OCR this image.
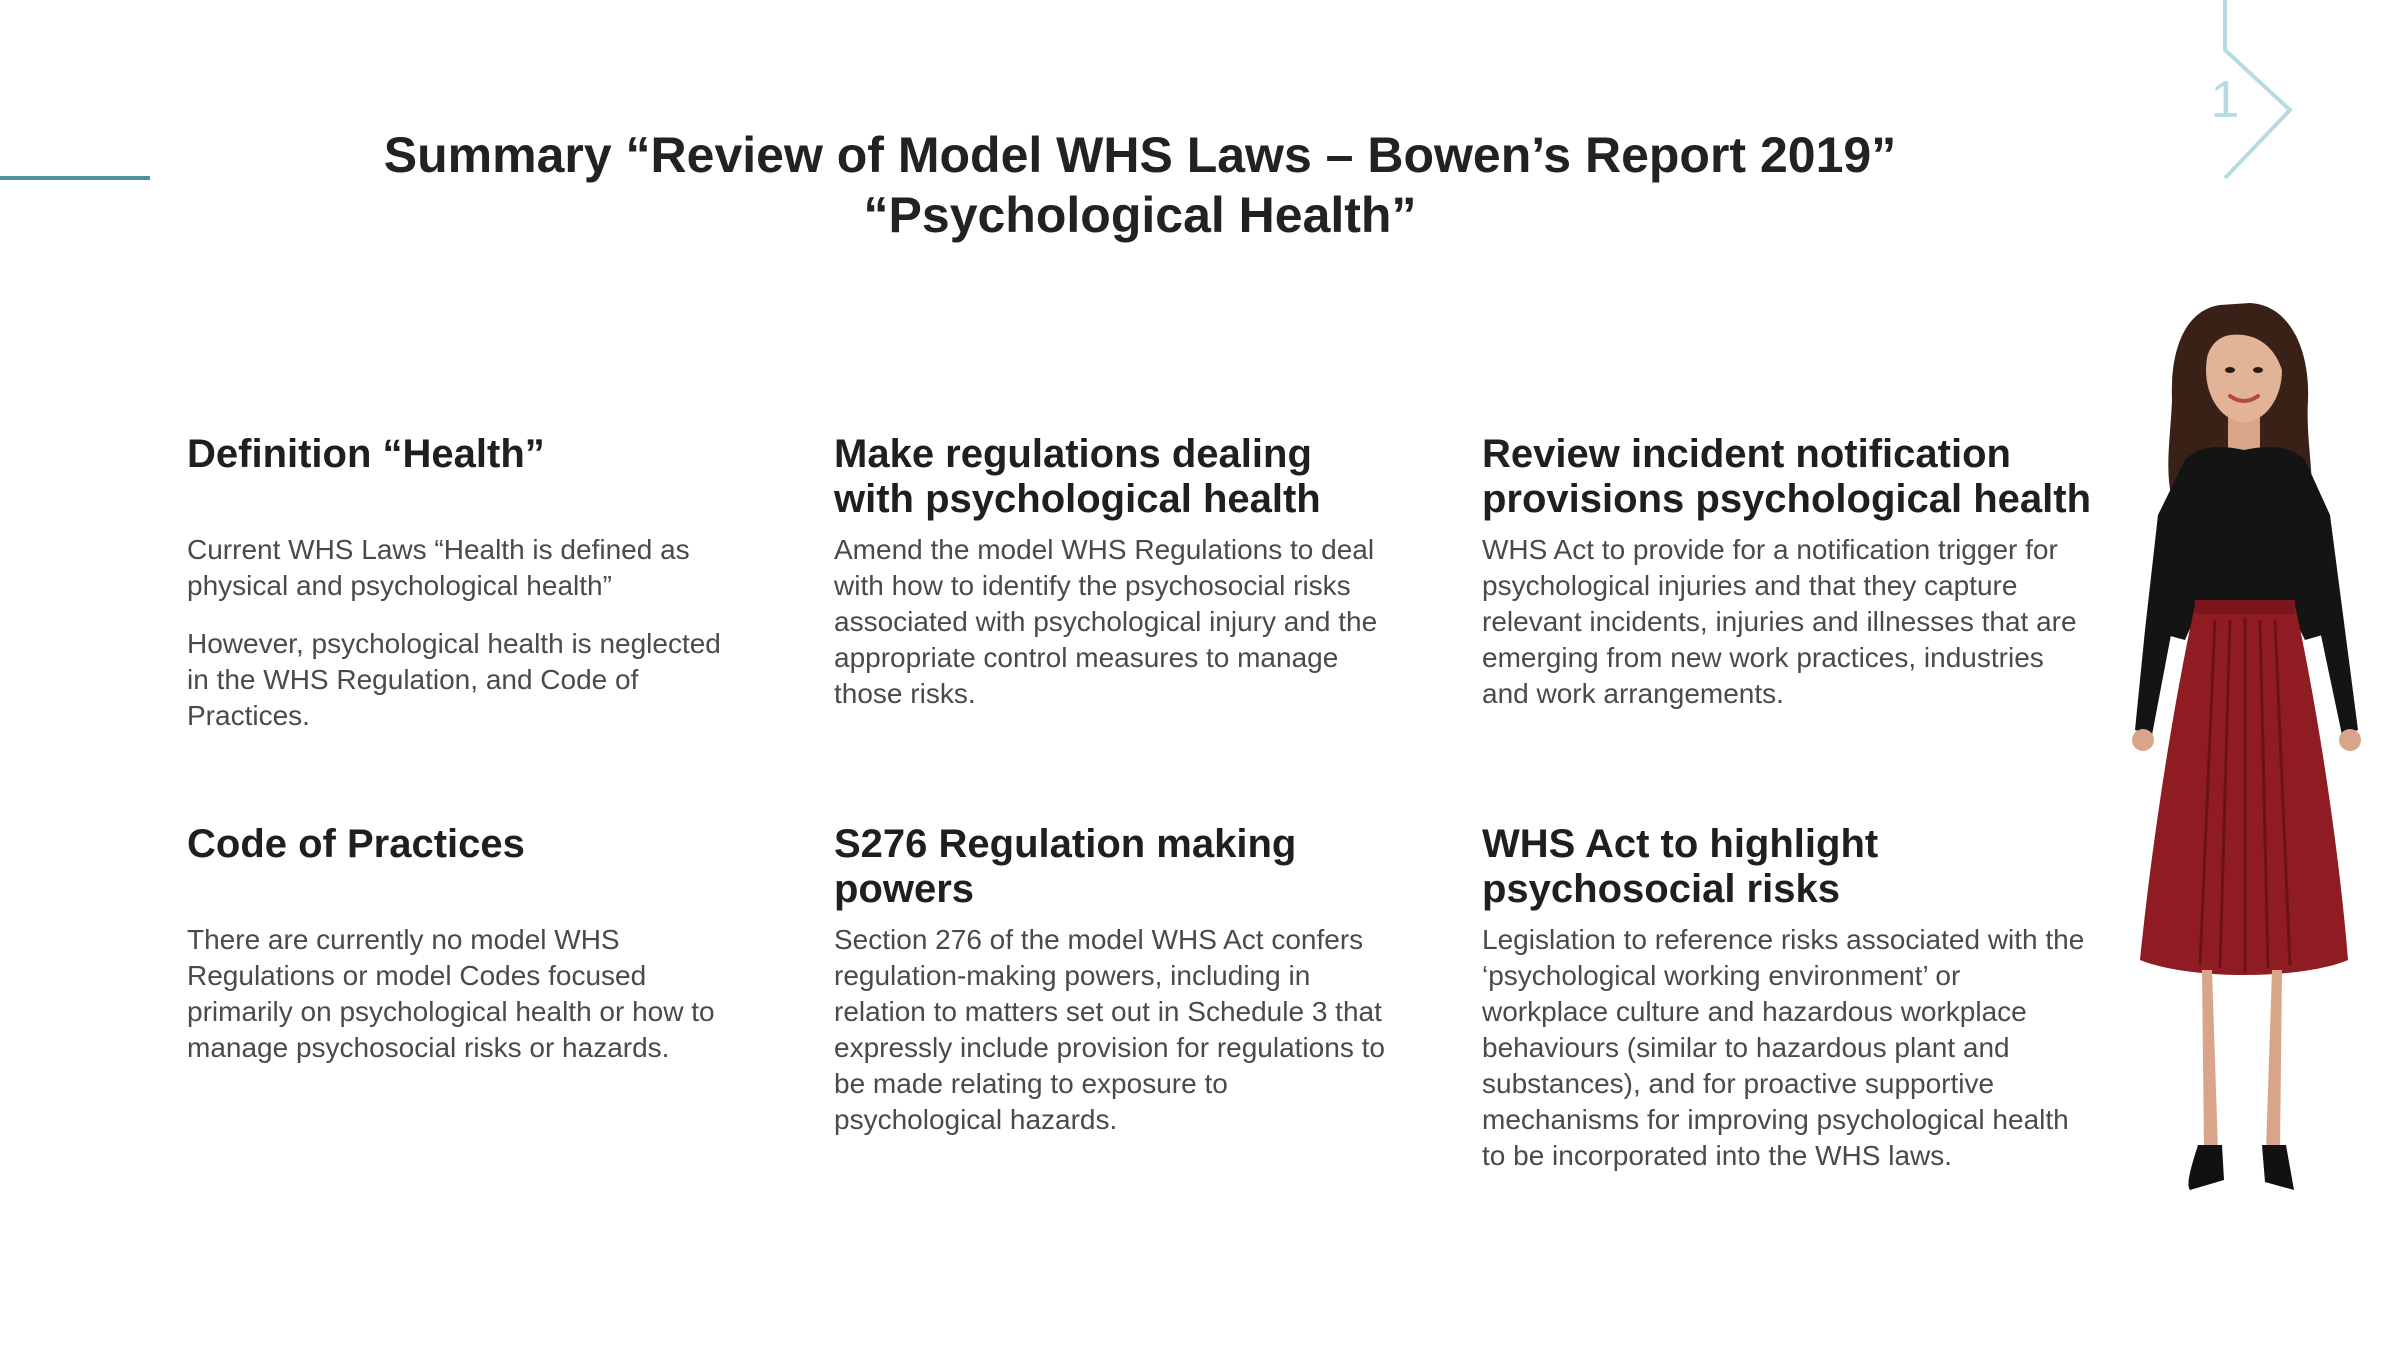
1
Summary “Review of Model WHS Laws – Bowen’s Report 2019”
“Psychological Health”
Definition “Health”

Current WHS Laws “Health is defined as physical and psychological health”

However, psychological health is neglected in the WHS Regulation, and Code of Practices.

Make regulations dealing with psychological health

Amend the model WHS Regulations to deal with how to identify the psychosocial risks associated with psychological injury and the appropriate control measures to manage those risks.

Review incident notification provisions psychological health

WHS Act to provide for a notification trigger for psychological injuries and that they capture relevant incidents, injuries and illnesses that are emerging from new work practices, industries and work arrangements.

Code of Practices

There are currently no model WHS Regulations or model Codes focused primarily on psychological health or how to manage psychosocial risks or hazards.

S276 Regulation making powers

Section 276 of the model WHS Act confers regulation-making powers, including in relation to matters set out in Schedule 3 that expressly include provision for regulations to be made relating to exposure to psychological hazards.

WHS Act to highlight psychosocial risks

Legislation to reference risks associated with the ‘psychological working environment’ or workplace culture and hazardous workplace behaviours (similar to hazardous plant and substances), and for proactive supportive mechanisms for improving psychological health to be incorporated into the WHS laws.
